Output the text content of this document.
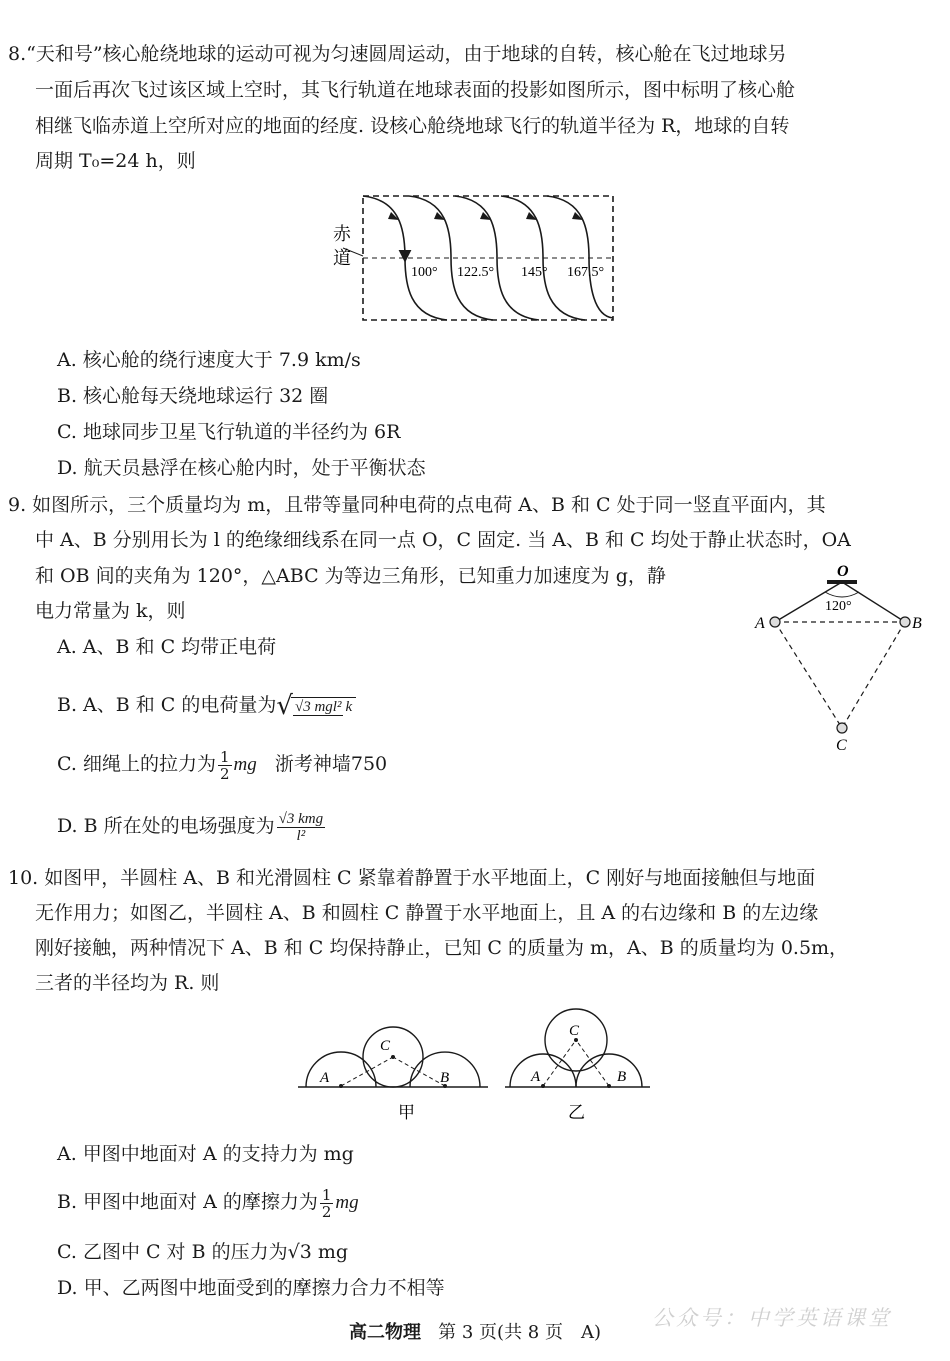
8.“天和号”核心舱绕地球的运动可视为匀速圆周运动，由于地球的自转，核心舱在飞过地球另
一面后再次飞过该区域上空时，其飞行轨道在地球表面的投影如图所示，图中标明了核心舱
相继飞临赤道上空所对应的地面的经度. 设核心舱绕地球飞行的轨道半径为 R，地球的自转
周期 T₀=24 h，则
赤
道
100° 122.5° 145° 167.5°
A. 核心舱的绕行速度大于 7.9 km/s
B. 核心舱每天绕地球运行 32 圈
C. 地球同步卫星飞行轨道的半径约为 6R
D. 航天员悬浮在核心舱内时，处于平衡状态
9. 如图所示，三个质量均为 m，且带等量同种电荷的点电荷 A、B 和 C 处于同一竖直平面内，其
中 A、B 分别用长为 l 的绝缘细线系在同一点 O，C 固定. 当 A、B 和 C 均处于静止状态时，OA
和 OB 间的夹角为 120°，△ABC 为等边三角形，已知重力加速度为 g，静
电力常量为 k，则
O
120°
A	B
C
A. A、B 和 C 均带正电荷
B. A、B 和 C 的电荷量为√ √3 mgl² k
C. 细绳上的拉力为 $\frac{1}{2}$ mg 浙考神墙750
D. B 所在处的电场强度为 $\frac{\text{√3 kmg}}{\text{l²}}$
10. 如图甲，半圆柱 A、B 和光滑圆柱 C 紧靠着静置于水平地面上，C 刚好与地面接触但与地面
无作用力；如图乙，半圆柱 A、B 和圆柱 C 静置于水平地面上，且 A 的右边缘和 B 的左边缘
刚好接触，两种情况下 A、B 和 C 均保持静止，已知 C 的质量为 m，A、B 的质量均为 0.5m，
三者的半径均为 R. 则
A	B
C
甲
A	B
C
乙
A. 甲图中地面对 A 的支持力为 mg
B. 甲图中地面对 A 的摩擦力为 $\frac{1}{2}$ mg
C. 乙图中 C 对 B 的压力为√3 mg
D. 甲、乙两图中地面受到的摩擦力合力不相等
高二物理 第 3 页(共 8 页　A)
公众号：中学英语课堂
